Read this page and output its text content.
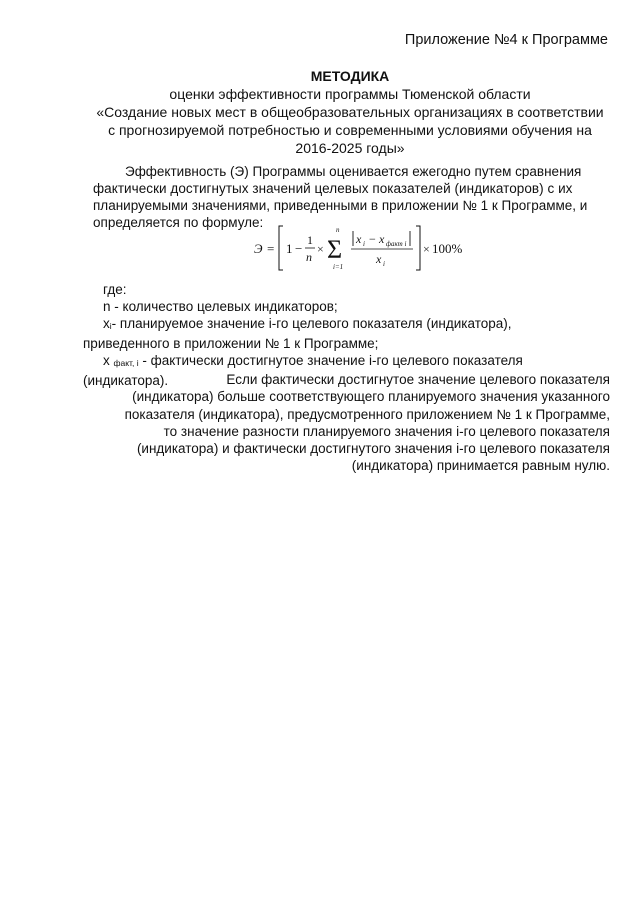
Приложение №4 к Программе
МЕТОДИКА
оценки эффективности программы Тюменской области
«Создание новых мест в общеобразовательных организациях в соответствии
с прогнозируемой потребностью и современными условиями обучения на
2016-2025 годы»
Эффективность (Э) Программы оценивается ежегодно путем сравнения
фактически достигнутых значений целевых показателей (индикаторов) с их
планируемыми значениями, приведенными в приложении № 1 к Программе, и
определяется по формуле:
Э = 1 −
1
n
×
n
Σ
i=1
x i − x факт i
x i
× 100%
где:
n - количество целевых индикаторов;
xi- планируемое значение i-го целевого показателя (индикатора),
приведенного в приложении № 1 к Программе;
x факт, i - фактически достигнутое значение i-го целевого показателя
(индикатора).	Если фактически достигнутое значение целевого показателя
(индикатора) больше соответствующего планируемого значения указанного
показателя (индикатора), предусмотренного приложением № 1 к Программе,
то значение разности планируемого значения i-го целевого показателя
(индикатора) и фактически достигнутого значения i-го целевого показателя
(индикатора) принимается равным нулю.
